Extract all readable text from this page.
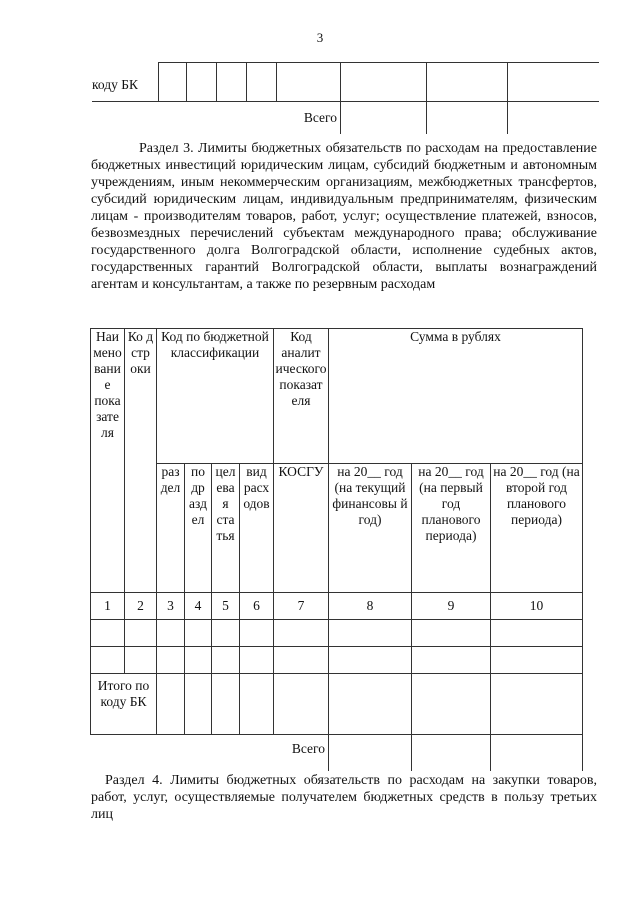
3
коду БК								
					Всего			
Раздел 3. Лимиты бюджетных обязательств по расходам на предоставление бюджетных инвестиций юридическим лицам, субсидий бюджетным и автономным учреждениям, иным некоммерческим организациям, межбюджетных трансфертов, субсидий юридическим лицам, индивидуальным предпринимателям, физическим лицам - производителям товаров, работ, услуг; осуществление платежей, взносов, безвозмездных перечислений субъектам международного права; обслуживание государственного долга Волгоградской области, исполнение судебных актов, государственных гарантий Волгоградской области, выплаты вознаграждений агентам и консультантам, а также по резервным расходам
Наи мено вани е пока зате ля	Ко д стр оки	Код по бюджетной классификации				Код аналит ического показат еля	Сумма в рублях		
		раз дел	по др азд ел	цел ева я ста тья	вид расх одов	КОСГУ	на 20__ год (на текущий финансовы й год)	на 20__ год (на первый год планового периода)	на 20__ год (на второй год планового периода)
1	2	3	4	5	6	7	8	9	10

Итого по коду БК									
					Всего				
Раздел 4. Лимиты бюджетных обязательств по расходам на закупки товаров, работ, услуг, осуществляемые получателем бюджетных средств в пользу третьих лиц
